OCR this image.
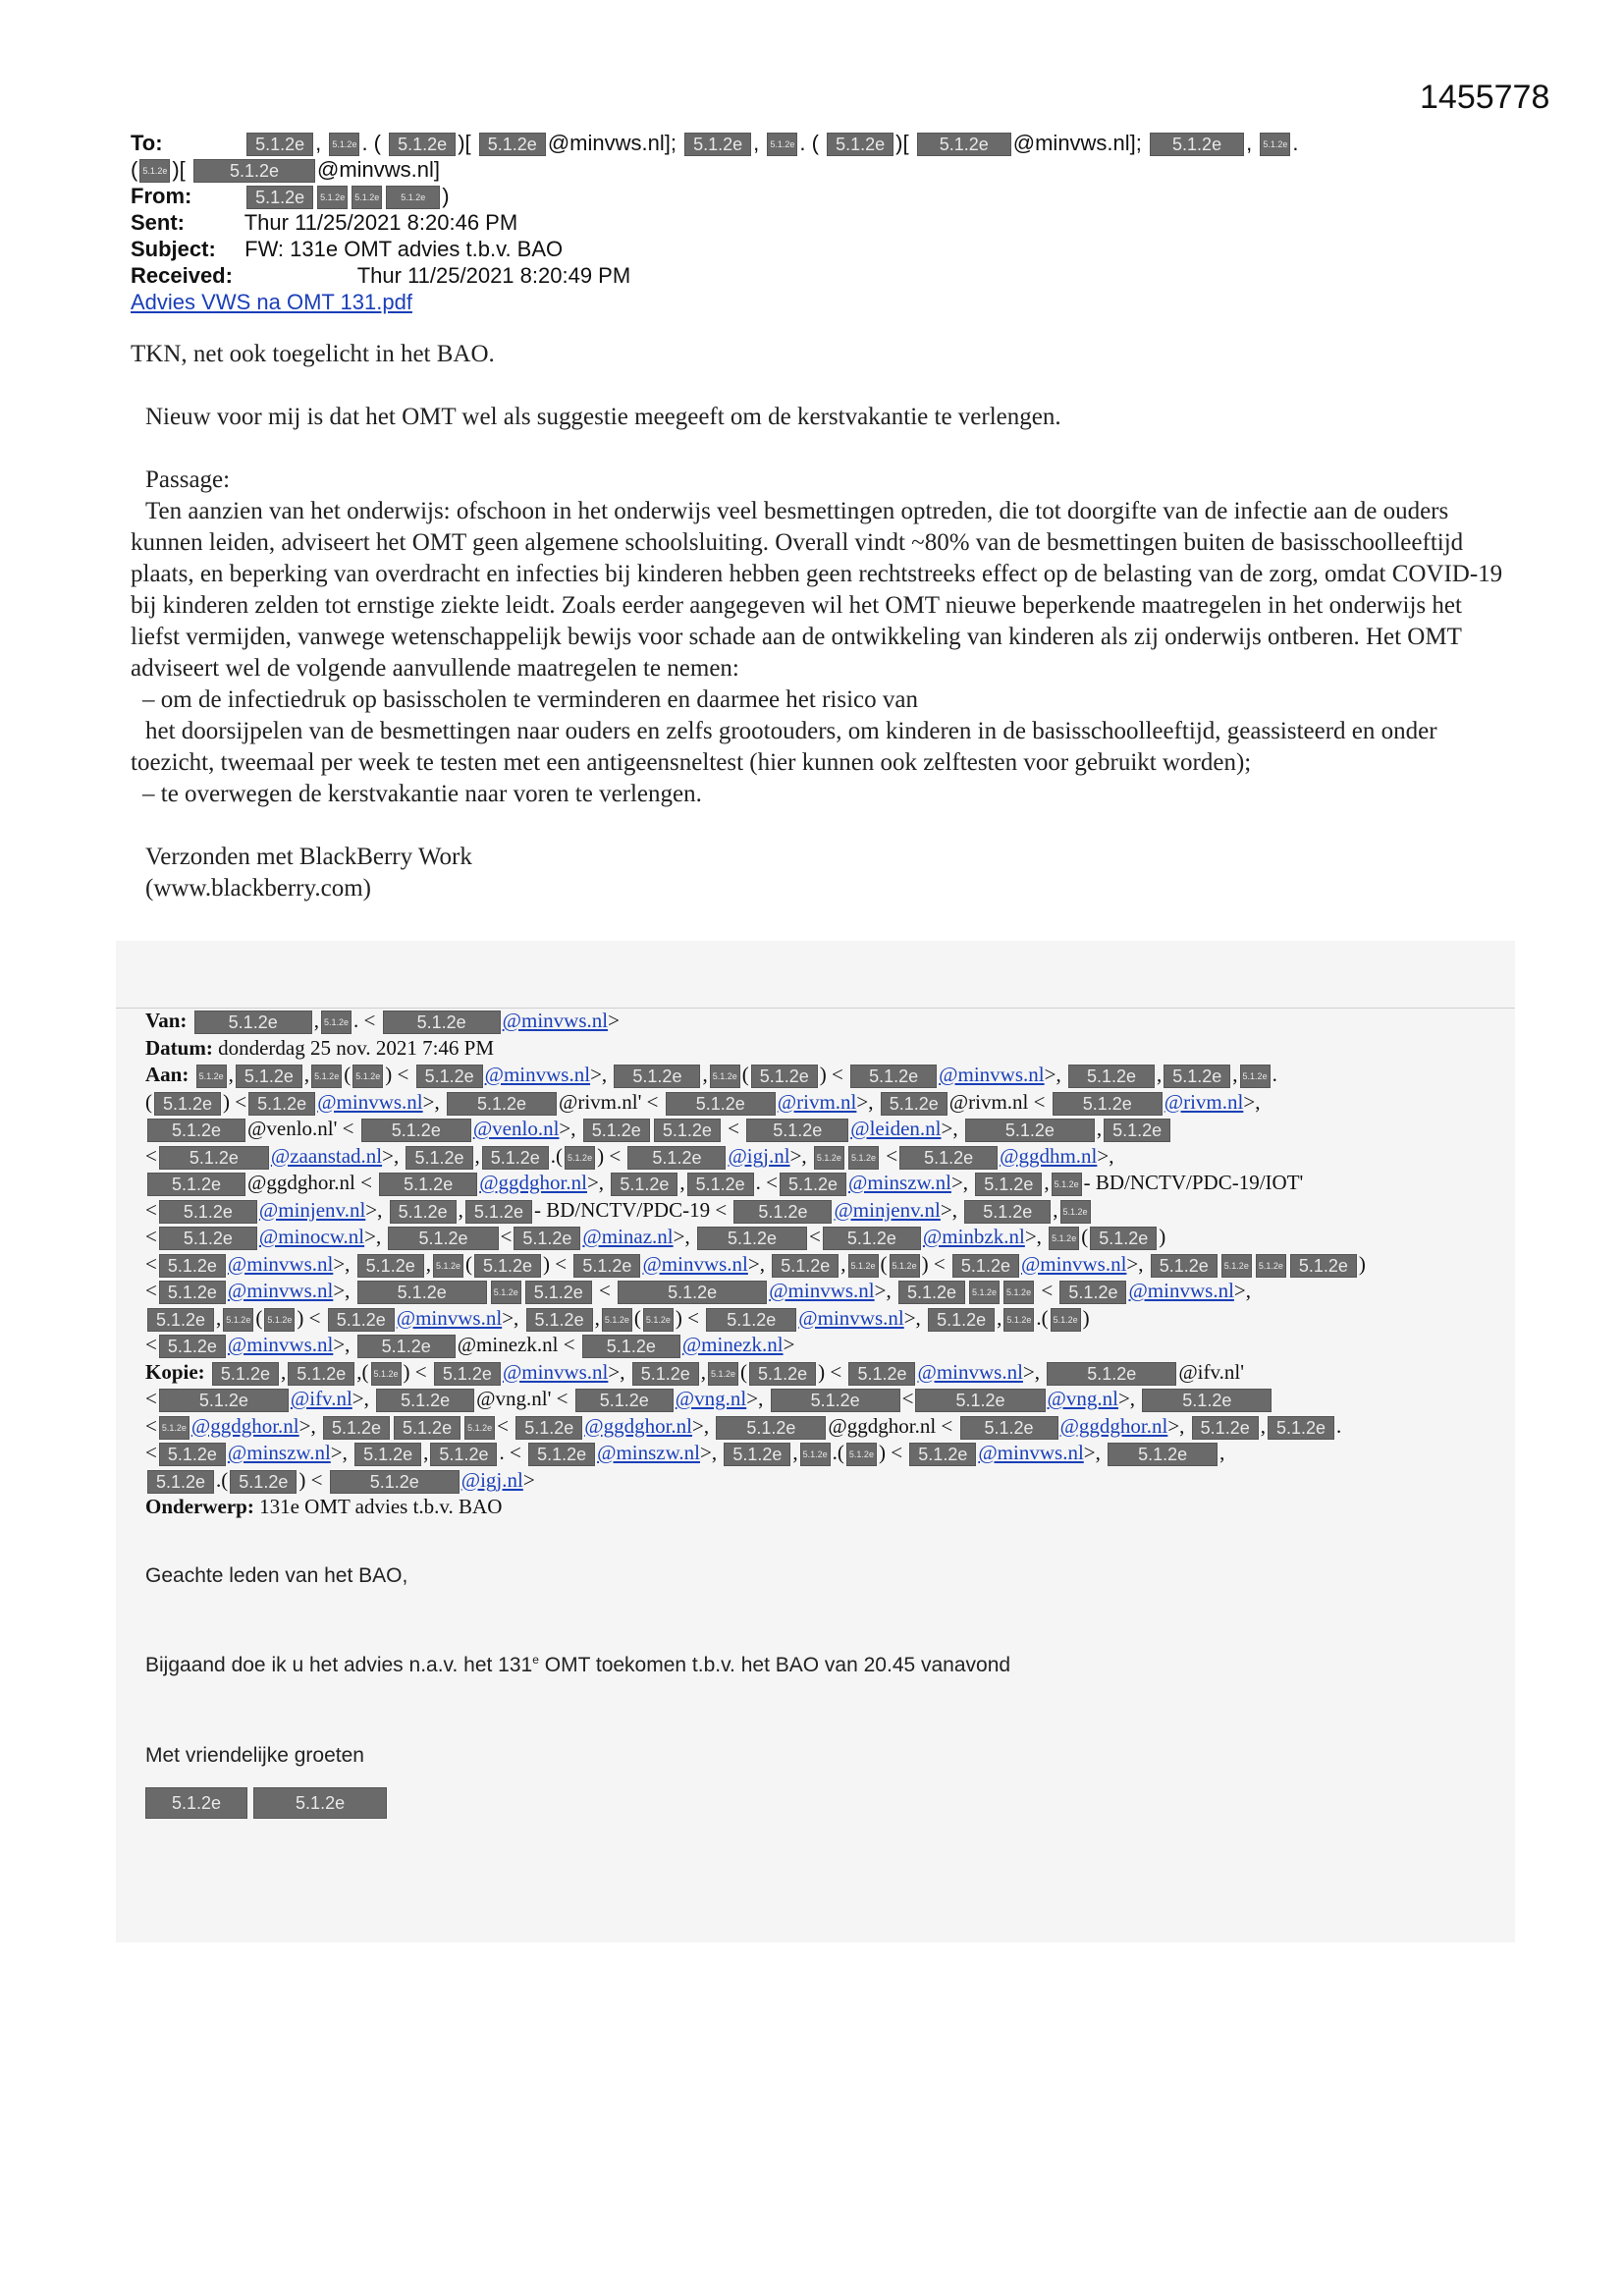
1455778
To:	5.1.2e , 5.1.2e . ( 5.1.2e )[ 5.1.2e @minvws.nl]; 5.1.2e , 5.1.2e . ( 5.1.2e )[ 5.1.2e @minvws.nl]; 5.1.2e , 5.1.2e .
( 5.1.2e )[	5.1.2e @minvws.nl]
From:	5.1.2e 5.1.2e 5.1.2e 5.1.2e )
Sent:	Thur 11/25/2021 8:20:46 PM
Subject: FW: 131e OMT advies t.b.v. BAO
Received:	Thur 11/25/2021 8:20:49 PM
Advies VWS na OMT 131.pdf

TKN, net ook toegelicht in het BAO.

Nieuw voor mij is dat het OMT wel als suggestie meegeeft om de kerstvakantie te verlengen.

Passage:

Ten aanzien van het onderwijs: ofschoon in het onderwijs veel besmettingen optreden, die tot doorgifte van de infectie aan de ouders kunnen leiden, adviseert het OMT geen algemene schoolsluiting. Overall vindt ~80% van de besmettingen buiten de basisschoolleeftijd plaats, en beperking van overdracht en infecties bij kinderen hebben geen rechtstreeks effect op de belasting van de zorg, omdat COVID-19 bij kinderen zelden tot ernstige ziekte leidt. Zoals eerder aangegeven wil het OMT nieuwe beperkende maatregelen in het onderwijs het liefst vermijden, vanwege wetenschappelijk bewijs voor schade aan de ontwikkeling van kinderen als zij onderwijs ontberen. Het OMT adviseert wel de volgende aanvullende maatregelen te nemen:

– om de infectiedruk op basisscholen te verminderen en daarmee het risico van

het doorsijpelen van de besmettingen naar ouders en zelfs grootouders, om kinderen in de basisschoolleeftijd, geassisteerd en onder toezicht, tweemaal per week te testen met een antigeensneltest (hier kunnen ook zelftesten voor gebruikt worden);

– te overwegen de kerstvakantie naar voren te verlengen.

Verzonden met BlackBerry Work

(www.blackberry.com)

Van: 5.1.2e , 5.1.2e . < 5.1.2e @minvws.nl>
Datum: donderdag 25 nov. 2021 7:46 PM
Aan: 5.1.2e , 5.1.2e , 5.1.2e ( 5.1.2e ) < 5.1.2e @minvws.nl>, 5.1.2e , 5.1.2e ( 5.1.2e ) < 5.1.2e @minvws.nl>, 5.1.2e , 5.1.2e , 5.1.2e .
( 5.1.2e ) < 5.1.2e @minvws.nl>, 5.1.2e @rivm.nl' < 5.1.2e @rivm.nl>, 5.1.2e @rivm.nl < 5.1.2e @rivm.nl>,
5.1.2e @venlo.nl' < 5.1.2e @venlo.nl>, 5.1.2e 5.1.2e < 5.1.2e @leiden.nl>,	5.1.2e , 5.1.2e
< 5.1.2e @zaanstad.nl>, 5.1.2e , 5.1.2e .( 5.1.2e ) < 5.1.2e @igj.nl>, 5.1.2e 5.1.2e < 5.1.2e @ggdhm.nl>,
5.1.2e @ggdghor.nl < 5.1.2e @ggdghor.nl>, 5.1.2e , 5.1.2e . < 5.1.2e @minszw.nl>, 5.1.2e , 5.1.2e - BD/NCTV/PDC-19/IOT'
< 5.1.2e @minjenv.nl>, 5.1.2e , 5.1.2e - BD/NCTV/PDC-19 < 5.1.2e @minjenv.nl>, 5.1.2e , 5.1.2e
< 5.1.2e @minocw.nl>, 5.1.2e < 5.1.2e @minaz.nl>, 5.1.2e < 5.1.2e @minbzk.nl>, 5.1.2e ( 5.1.2e )
< 5.1.2e @minvws.nl>, 5.1.2e , 5.1.2e ( 5.1.2e ) < 5.1.2e @minvws.nl>, 5.1.2e , 5.1.2e ( 5.1.2e ) < 5.1.2e @minvws.nl>, 5.1.2e 5.1.2e 5.1.2e 5.1.2e )
< 5.1.2e @minvws.nl>,	5.1.2e	5.1.2e 5.1.2e <	5.1.2e	@minvws.nl>, 5.1.2e 5.1.2e 5.1.2e < 5.1.2e @minvws.nl>,
5.1.2e , 5.1.2e ( 5.1.2e ) < 5.1.2e @minvws.nl>, 5.1.2e , 5.1.2e ( 5.1.2e ) < 5.1.2e @minvws.nl>, 5.1.2e , 5.1.2e .( 5.1.2e )
< 5.1.2e @minvws.nl>, 5.1.2e @minezk.nl < 5.1.2e @minezk.nl>
Kopie: 5.1.2e , 5.1.2e ,( 5.1.2e ) < 5.1.2e @minvws.nl>, 5.1.2e , 5.1.2e ( 5.1.2e ) < 5.1.2e @minvws.nl>,	5.1.2e @ifv.nl'
< 5.1.2e @ifv.nl>, 5.1.2e @vng.nl' < 5.1.2e @vng.nl>,	5.1.2e < 5.1.2e @vng.nl>,	5.1.2e
< 5.1.2e @ggdghor.nl>, 5.1.2e 5.1.2e 5.1.2e < 5.1.2e @ggdghor.nl>, 5.1.2e @ggdghor.nl < 5.1.2e @ggdghor.nl>, 5.1.2e , 5.1.2e .
< 5.1.2e @minszw.nl>, 5.1.2e , 5.1.2e . < 5.1.2e @minszw.nl>, 5.1.2e , 5.1.2e .( 5.1.2e ) < 5.1.2e @minvws.nl>, 5.1.2e ,
5.1.2e .( 5.1.2e ) <	5.1.2e @igj.nl>
Onderwerp: 131e OMT advies t.b.v. BAO
Geachte leden van het BAO,
Bijgaand doe ik u het advies n.a.v. het 131e OMT toekomen t.b.v. het BAO van 20.45 vanavond
Met vriendelijke groeten
5.1.2e	5.1.2e
